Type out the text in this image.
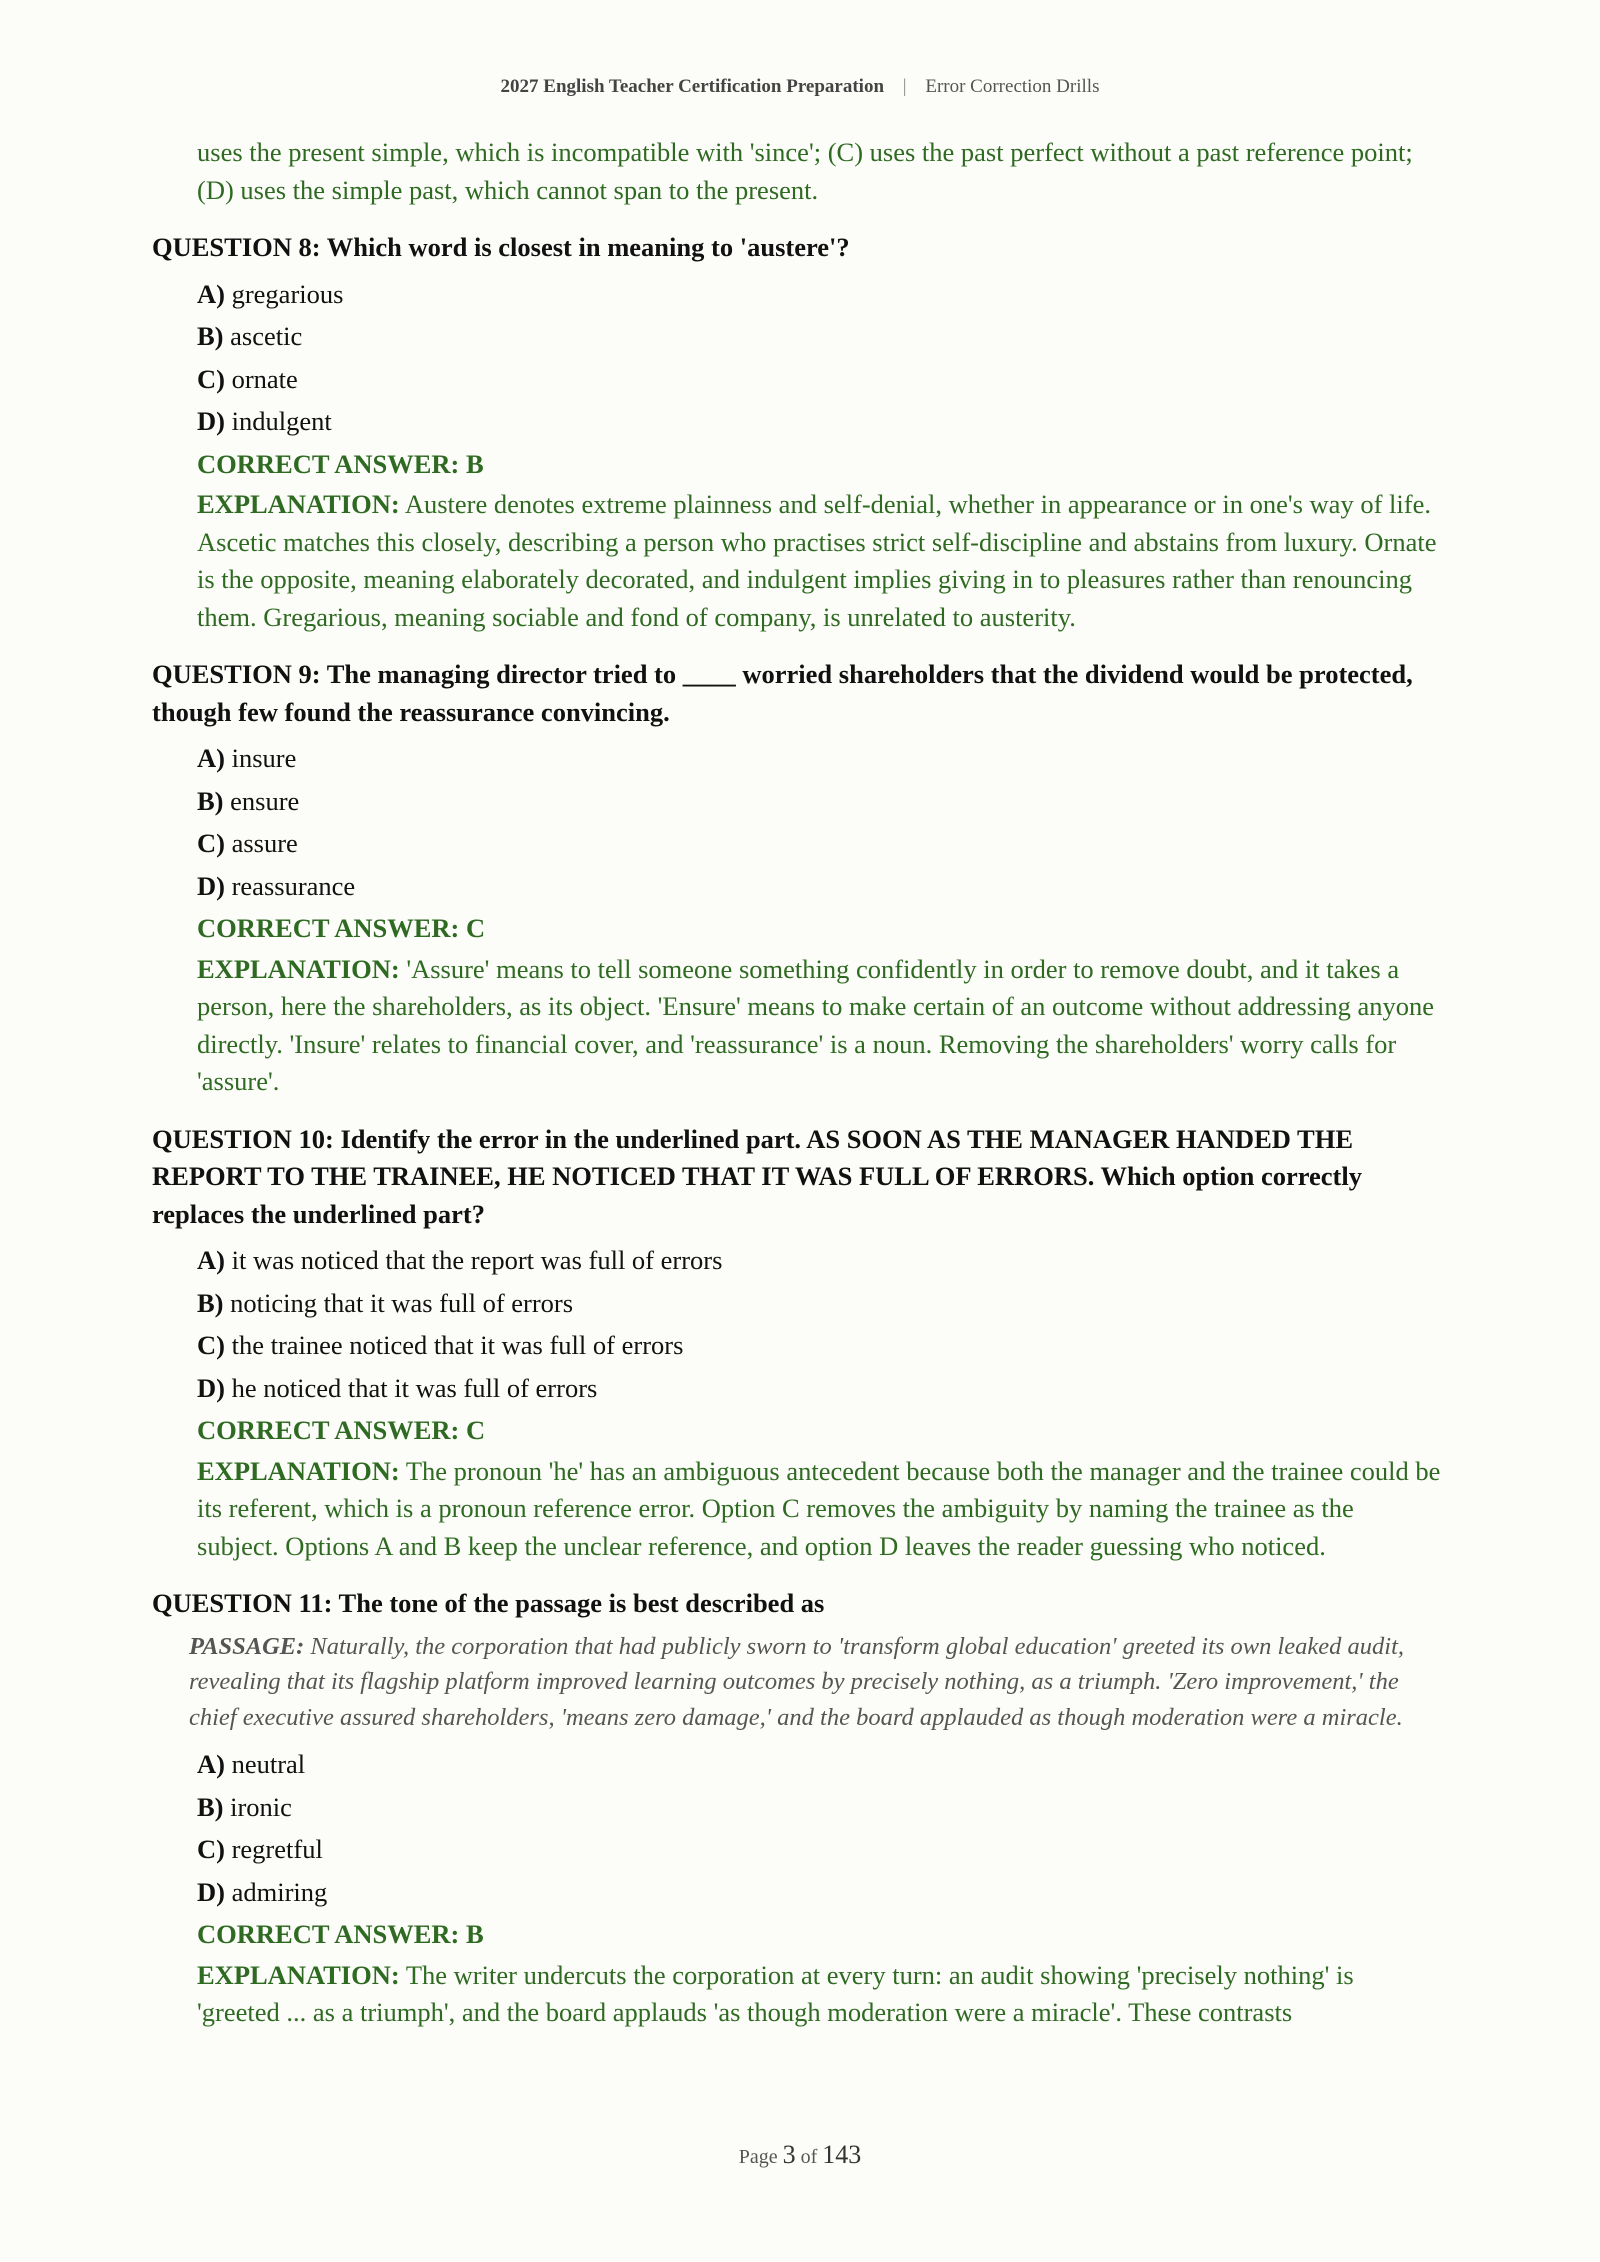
2027 English Teacher Certification Preparation | Error Correction Drills
uses the present simple, which is incompatible with 'since'; (C) uses the past perfect without a past reference point; (D) uses the simple past, which cannot span to the present.
QUESTION 8: Which word is closest in meaning to 'austere'?
A) gregarious
B) ascetic
C) ornate
D) indulgent
CORRECT ANSWER: B
EXPLANATION: Austere denotes extreme plainness and self-denial, whether in appearance or in one's way of life. Ascetic matches this closely, describing a person who practises strict self-discipline and abstains from luxury. Ornate is the opposite, meaning elaborately decorated, and indulgent implies giving in to pleasures rather than renouncing them. Gregarious, meaning sociable and fond of company, is unrelated to austerity.
QUESTION 9: The managing director tried to ____ worried shareholders that the dividend would be protected, though few found the reassurance convincing.
A) insure
B) ensure
C) assure
D) reassurance
CORRECT ANSWER: C
EXPLANATION: 'Assure' means to tell someone something confidently in order to remove doubt, and it takes a person, here the shareholders, as its object. 'Ensure' means to make certain of an outcome without addressing anyone directly. 'Insure' relates to financial cover, and 'reassurance' is a noun. Removing the shareholders' worry calls for 'assure'.
QUESTION 10: Identify the error in the underlined part. AS SOON AS THE MANAGER HANDED THE REPORT TO THE TRAINEE, HE NOTICED THAT IT WAS FULL OF ERRORS. Which option correctly replaces the underlined part?
A) it was noticed that the report was full of errors
B) noticing that it was full of errors
C) the trainee noticed that it was full of errors
D) he noticed that it was full of errors
CORRECT ANSWER: C
EXPLANATION: The pronoun 'he' has an ambiguous antecedent because both the manager and the trainee could be its referent, which is a pronoun reference error. Option C removes the ambiguity by naming the trainee as the subject. Options A and B keep the unclear reference, and option D leaves the reader guessing who noticed.
QUESTION 11: The tone of the passage is best described as
PASSAGE: Naturally, the corporation that had publicly sworn to 'transform global education' greeted its own leaked audit, revealing that its flagship platform improved learning outcomes by precisely nothing, as a triumph. 'Zero improvement,' the chief executive assured shareholders, 'means zero damage,' and the board applauded as though moderation were a miracle.
A) neutral
B) ironic
C) regretful
D) admiring
CORRECT ANSWER: B
EXPLANATION: The writer undercuts the corporation at every turn: an audit showing 'precisely nothing' is 'greeted ... as a triumph', and the board applauds 'as though moderation were a miracle'. These contrasts
Page 3 of 143
